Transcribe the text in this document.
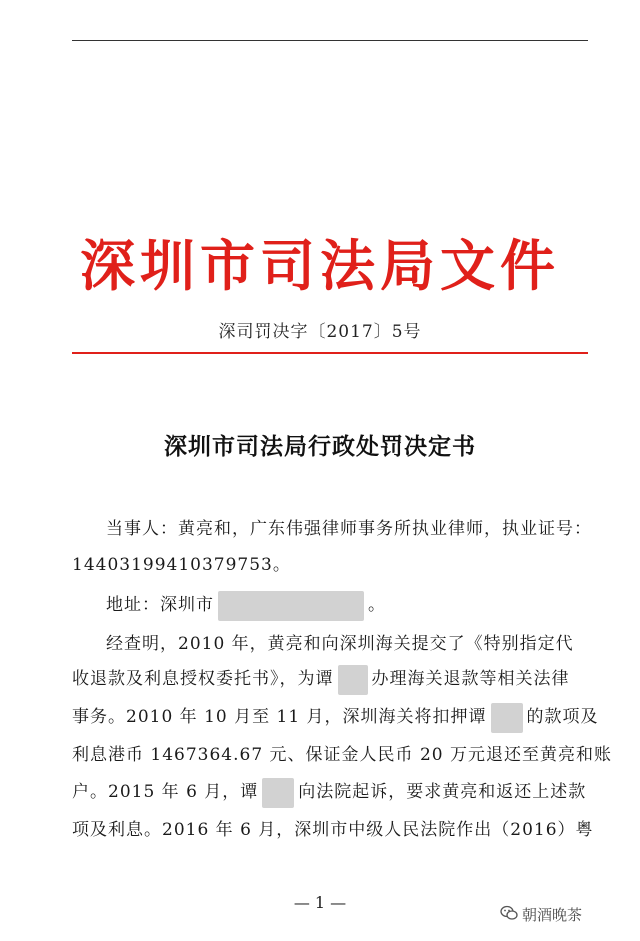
深圳市司法局文件
深司罚决字〔2017〕5号
深圳市司法局行政处罚决定书
当事人：黄亮和，广东伟强律师事务所执业律师，执业证号：
14403199410379753。
地址：深圳市	。
经查明，2010 年，黄亮和向深圳海关提交了《特别指定代
收退款及利息授权委托书》，为谭 办理海关退款等相关法律
事务。2010 年 10 月至 11 月，深圳海关将扣押谭 的款项及
利息港币 1467364.67 元、保证金人民币 20 万元退还至黄亮和账
户。2015 年 6 月，谭 向法院起诉，要求黄亮和返还上述款
项及利息。2016 年 6 月，深圳市中级人民法院作出（2016）粤
— 1 —
朝酒晚茶
